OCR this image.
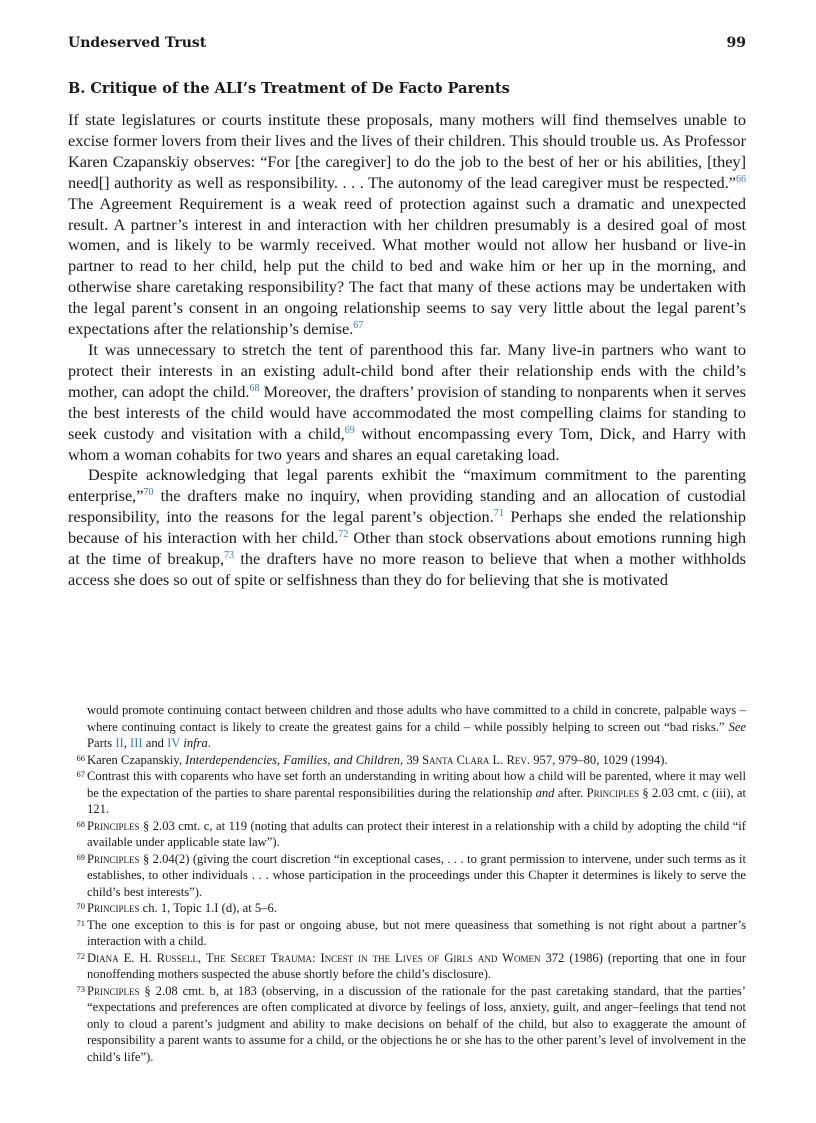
Undeserved Trust	99
B. Critique of the ALI’s Treatment of De Facto Parents

If state legislatures or courts institute these proposals, many mothers will find themselves unable to excise former lovers from their lives and the lives of their children. This should trouble us. As Professor Karen Czapanskiy observes: “For [the caregiver] to do the job to the best of her or his abilities, [they] need[] authority as well as responsibility. . . . The autonomy of the lead caregiver must be respected.”$^{66}$ The Agreement Requirement is a weak reed of protection against such a dramatic and unexpected result. A partner’s interest in and interaction with her children presumably is a desired goal of most women, and is likely to be warmly received. What mother would not allow her husband or live-in partner to read to her child, help put the child to bed and wake him or her up in the morning, and otherwise share caretaking responsibility? The fact that many of these actions may be undertaken with the legal parent’s consent in an ongoing relationship seems to say very little about the legal parent’s expectations after the relationship’s demise.$^{67}$

It was unnecessary to stretch the tent of parenthood this far. Many live-in partners who want to protect their interests in an existing adult-child bond after their relationship ends with the child’s mother, can adopt the child.$^{68}$ Moreover, the drafters’ provision of standing to nonparents when it serves the best interests of the child would have accommodated the most compelling claims for standing to seek custody and visitation with a child,$^{69}$ without encompassing every Tom, Dick, and Harry with whom a woman cohabits for two years and shares an equal caretaking load.

Despite acknowledging that legal parents exhibit the “maximum commitment to the parenting enterprise,”$^{70}$ the drafters make no inquiry, when providing standing and an allocation of custodial responsibility, into the reasons for the legal parent’s objection.$^{71}$ Perhaps she ended the relationship because of his interaction with her child.$^{72}$ Other than stock observations about emotions running high at the time of breakup,$^{73}$ the drafters have no more reason to believe that when a mother withholds access she does so out of spite or selfishness than they do for believing that she is motivated

would promote continuing contact between children and those adults who have committed to a child in concrete, palpable ways – where continuing contact is likely to create the greatest gains for a child – while possibly helping to screen out “bad risks.” See Parts II, III and IV infra.

66 Karen Czapanskiy, Interdependencies, Families, and Children, 39 Santa Clara L. Rev. 957, 979–80, 1029 (1994).

67 Contrast this with coparents who have set forth an understanding in writing about how a child will be parented, where it may well be the expectation of the parties to share parental responsibilities during the relationship and after. Principles § 2.03 cmt. c (iii), at 121.

68 Principles § 2.03 cmt. c, at 119 (noting that adults can protect their interest in a relationship with a child by adopting the child “if available under applicable state law”).

69 Principles § 2.04(2) (giving the court discretion “in exceptional cases, . . . to grant permission to intervene, under such terms as it establishes, to other individuals . . . whose participation in the proceedings under this Chapter it determines is likely to serve the child’s best interests”).

70 Principles ch. 1, Topic 1.I (d), at 5–6.

71 The one exception to this is for past or ongoing abuse, but not mere queasiness that something is not right about a partner’s interaction with a child.

72 Diana E. H. Russell, The Secret Trauma: Incest in the Lives of Girls and Women 372 (1986) (reporting that one in four nonoffending mothers suspected the abuse shortly before the child’s disclosure).

73 Principles § 2.08 cmt. b, at 183 (observing, in a discussion of the rationale for the past caretaking standard, that the parties’ “expectations and preferences are often complicated at divorce by feelings of loss, anxiety, guilt, and anger–feelings that tend not only to cloud a parent’s judgment and ability to make decisions on behalf of the child, but also to exaggerate the amount of responsibility a parent wants to assume for a child, or the objections he or she has to the other parent’s level of involvement in the child’s life”).
